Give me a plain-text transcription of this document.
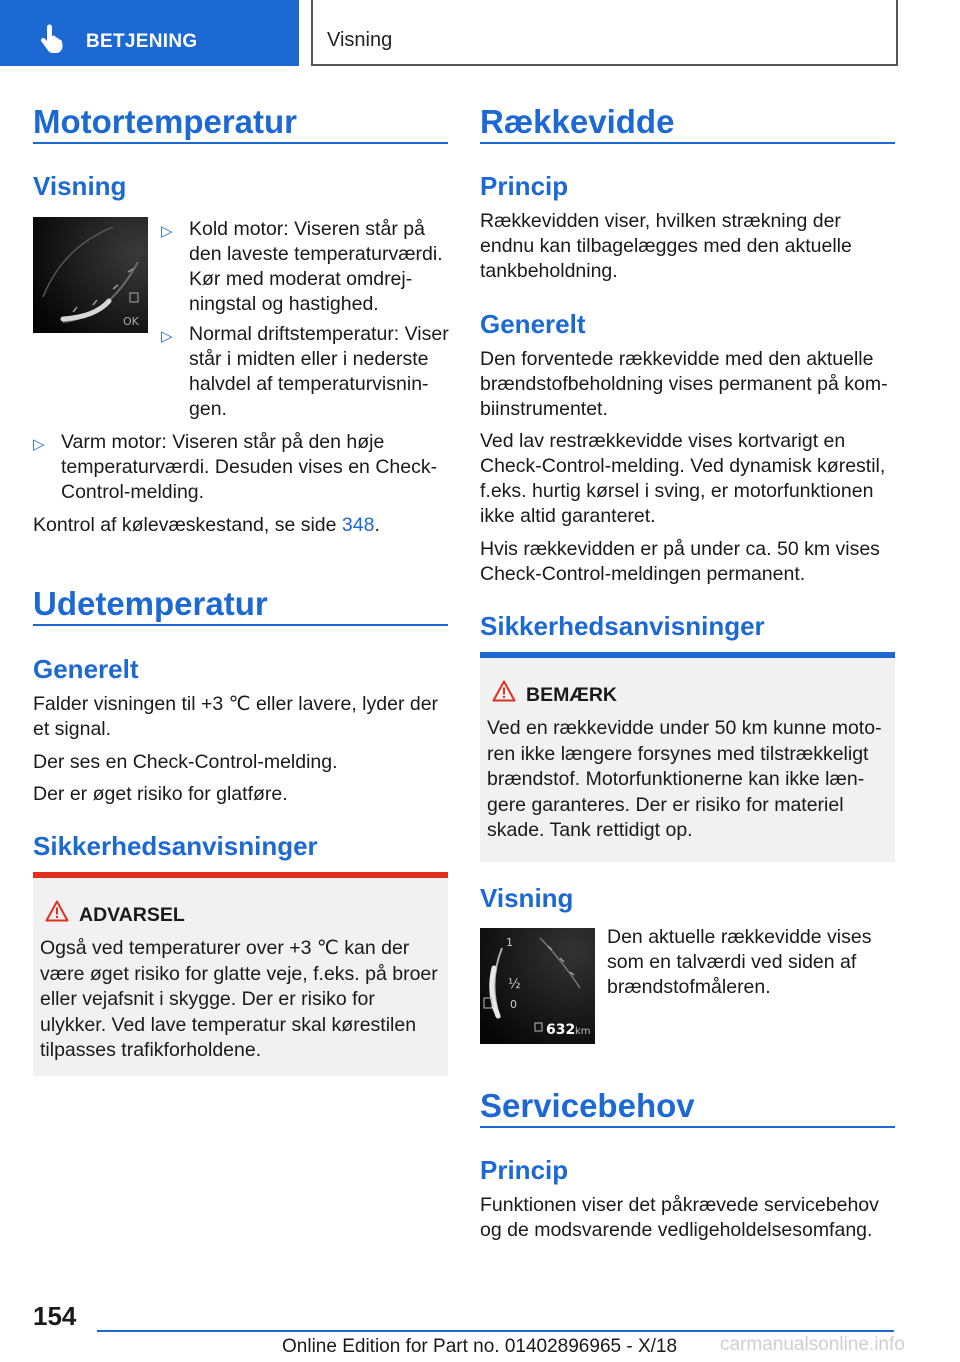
BETJENING	Visning
Motortemperatur
Visning
OK
▷ Kold motor: Viseren står på den laveste temperaturværdi. Kør med moderat omdrejningstal og hastighed.
▷ Normal driftstemperatur: Viser står i midten eller i nederste halvdel af temperaturvisningen.
▷ Varm motor: Viseren står på den høje temperaturværdi. Desuden vises en Check-Control-melding.

Kontrol af kølevæskestand, se side 348.

Udetemperatur
Generelt

Falder visningen til +3 ℃ eller lavere, lyder der et signal.

Der ses en Check-Control-melding.

Der er øget risiko for glatføre.

Sikkerhedsanvisninger
ADVARSEL
Også ved temperaturer over +3 ℃ kan der være øget risiko for glatte veje, f.eks. på broer eller vejafsnit i skygge. Der er risiko for ulykker. Ved lave temperatur skal kørestilen tilpasses trafikforholdene.
Rækkevidde
Princip

Rækkevidden viser, hvilken strækning der endnu kan tilbagelægges med den aktuelle tankbeholdning.

Generelt

Den forventede rækkevidde med den aktuelle brændstofbeholdning vises permanent på kombiinstrumentet.

Ved lav restrækkevidde vises kortvarigt en Check-Control-melding. Ved dynamisk kørestil, f.eks. hurtig kørsel i sving, er motorfunktionen ikke altid garanteret.

Hvis rækkevidden er på under ca. 50 km vises Check-Control-meldingen permanent.

Sikkerhedsanvisninger
BEMÆRK
Ved en rækkevidde under 50 km kunne motoren ikke længere forsynes med tilstrækkeligt brændstof. Motorfunktionerne kan ikke længere garanteres. Der er risiko for materiel skade. Tank rettidigt op.
Visning
1
½
0
632 km

Den aktuelle rækkevidde vises som en talværdi ved siden af brændstofmåleren.

Servicebehov
Princip

Funktionen viser det påkrævede servicebehov og de modsvarende vedligeholdelsesomfang.

154
Online Edition for Part no. 01402896965 - X/18 carmanualsonline.info
